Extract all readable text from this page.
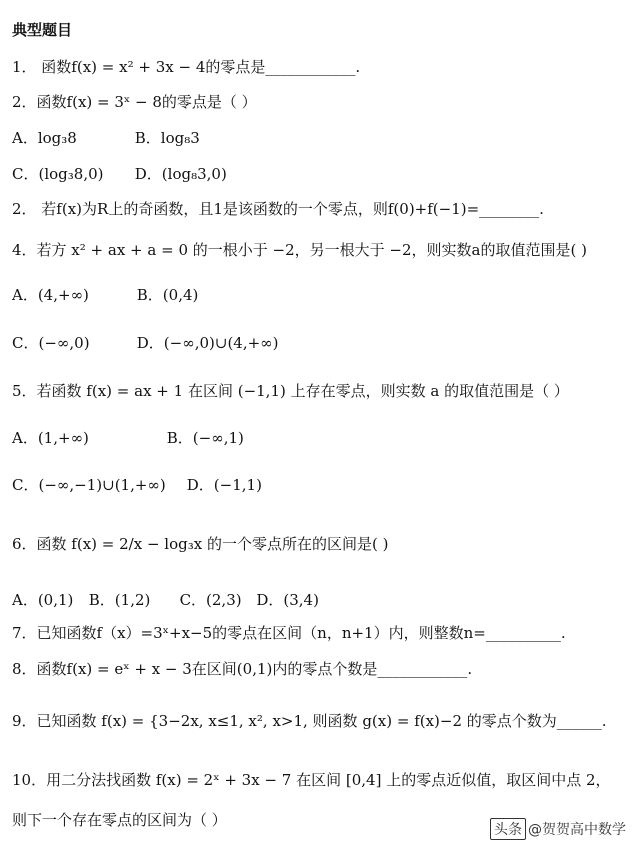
典型题目
1． 函数f(x) = x² + 3x − 4的零点是____________.
2．函数f(x) = 3ˣ − 8的零点是（ ）
A．log₃8	B．log₈3
C．(log₃8,0) D．(log₈3,0)
2． 若f(x)为R上的奇函数，且1是该函数的一个零点，则f(0)+f(−1)=________.
4．若方 x² + ax + a = 0 的一根小于 −2，另一根大于 −2，则实数a的取值范围是( )
A．(4,+∞)	B．(0,4)
C．(−∞,0)	D．(−∞,0)∪(4,+∞)
5．若函数 f(x) = ax + 1 在区间 (−1,1) 上存在零点，则实数 a 的取值范围是（ ）
A．(1,+∞)	B．(−∞,1)
C．(−∞,−1)∪(1,+∞) D．(−1,1)
6．函数 f(x) = 2/x − log₃x 的一个零点所在的区间是( )
A．(0,1) B．(1,2) C．(2,3) D．(3,4)
7．已知函数f（x）=3ˣ+x−5的零点在区间（n，n+1）内，则整数n=__________.
8．函数f(x) = eˣ + x − 3在区间(0,1)内的零点个数是____________.
9．已知函数 f(x) = {3−2x, x≤1, x², x>1, 则函数 g(x) = f(x)−2 的零点个数为______.
10．用二分法找函数 f(x) = 2ˣ + 3x − 7 在区间 [0,4] 上的零点近似值，取区间中点 2，
则下一个存在零点的区间为（ ）
头条 @贺贺高中数学
